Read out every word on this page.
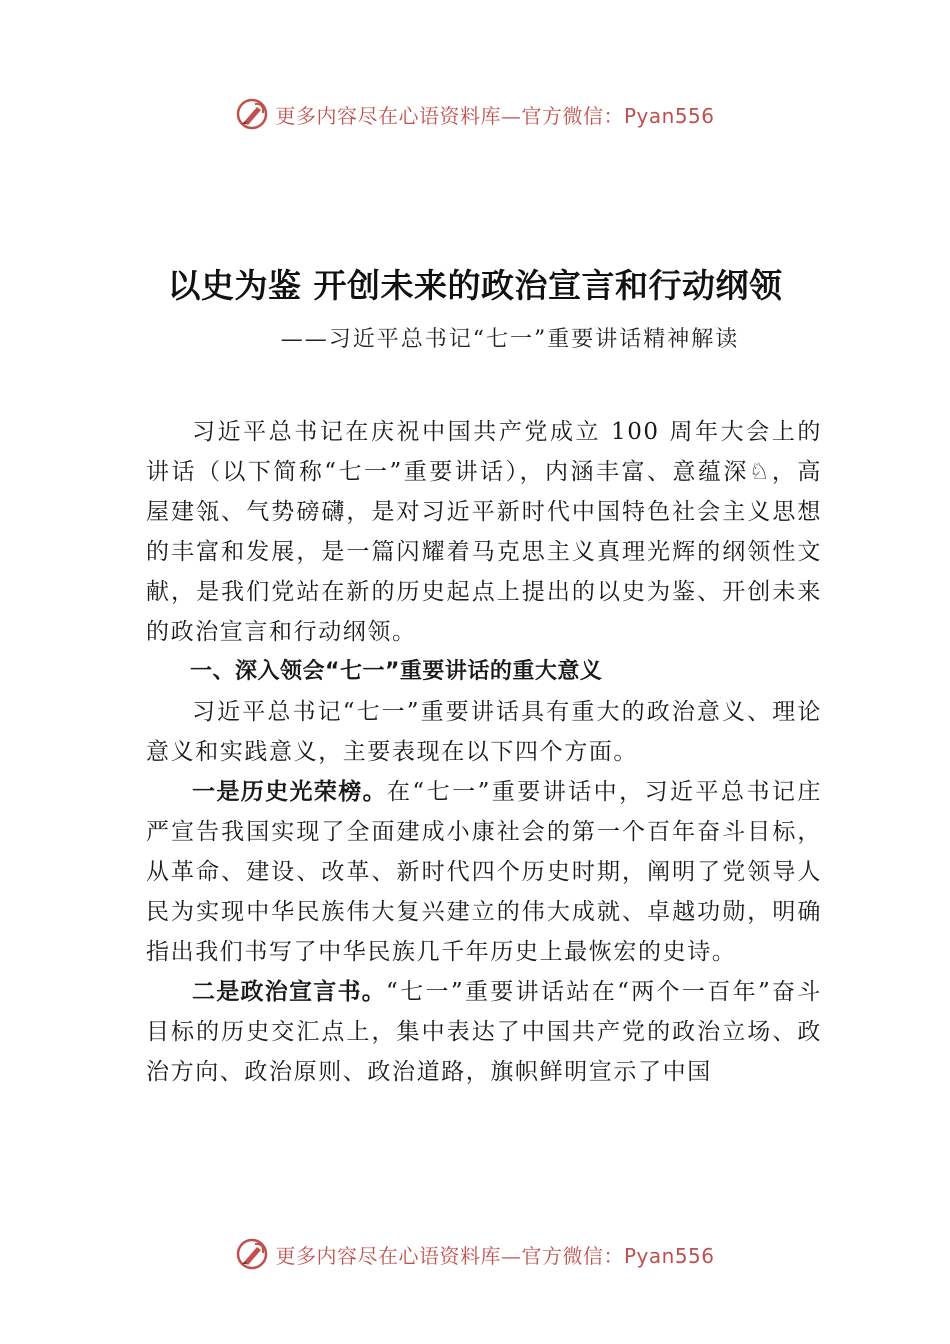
更多内容尽在心语资料库—官方微信：Pyan556
以史为鉴 开创未来的政治宣言和行动纲领
——习近平总书记“七一”重要讲话精神解读

习近平总书记在庆祝中国共产党成立 100 周年大会上的讲话（以下简称“七一”重要讲话），内涵丰富、意蕴深♘，高屋建瓴、气势磅礴，是对习近平新时代中国特色社会主义思想的丰富和发展，是一篇闪耀着马克思主义真理光辉的纲领性文献，是我们党站在新的历史起点上提出的以史为鉴、开创未来的政治宣言和行动纲领。

一、深入领会“七一”重要讲话的重大意义

习近平总书记“七一”重要讲话具有重大的政治意义、理论意义和实践意义，主要表现在以下四个方面。

一是历史光荣榜。在“七一”重要讲话中，习近平总书记庄严宣告我国实现了全面建成小康社会的第一个百年奋斗目标，从革命、建设、改革、新时代四个历史时期，阐明了党领导人民为实现中华民族伟大复兴建立的伟大成就、卓越功勋，明确指出我们书写了中华民族几千年历史上最恢宏的史诗。

二是政治宣言书。“七一”重要讲话站在“两个一百年”奋斗目标的历史交汇点上，集中表达了中国共产党的政治立场、政治方向、政治原则、政治道路，旗帜鲜明宣示了中国

更多内容尽在心语资料库—官方微信：Pyan556
